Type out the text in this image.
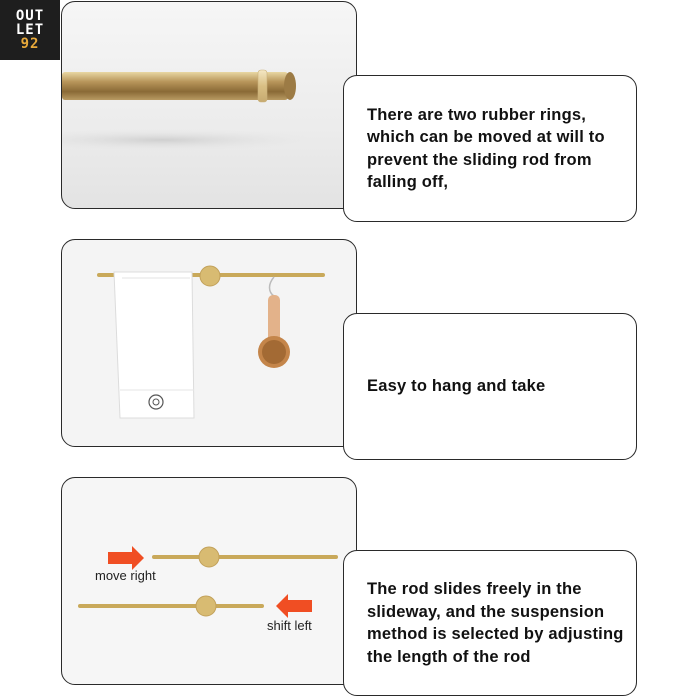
OUT
LET
92

There are two rubber rings, which can be moved at will to prevent the sliding rod from falling off,

Easy to hang and take

move right
shift left

The rod slides freely in the slideway, and the suspension method is selected by adjusting the length of the rod
